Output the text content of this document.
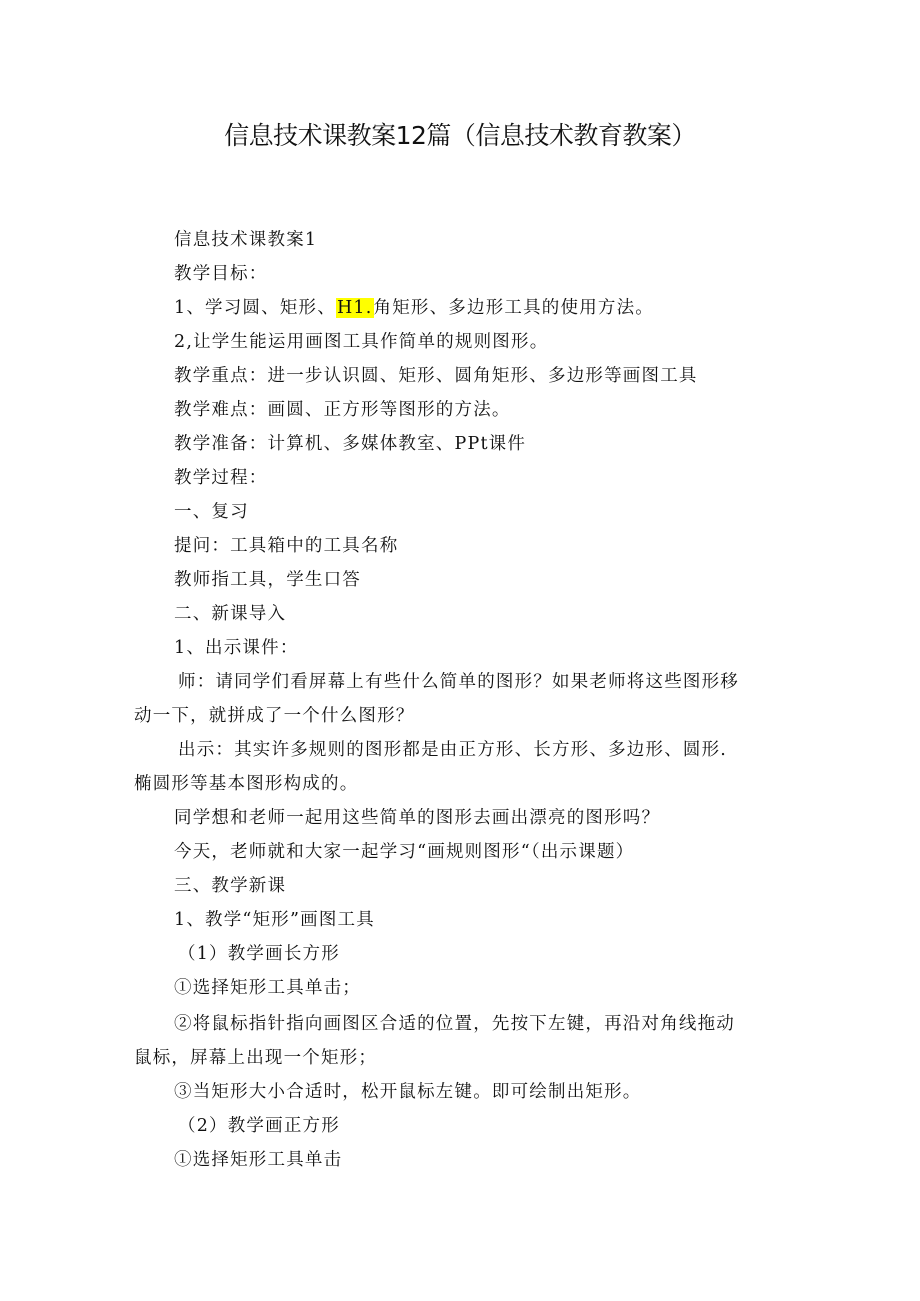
信息技术课教案12篇（信息技术教育教案）
信息技术课教案1
教学目标：
1、学习圆、矩形、H1.角矩形、多边形工具的使用方法。
2,让学生能运用画图工具作简单的规则图形。
教学重点：进一步认识圆、矩形、圆角矩形、多边形等画图工具
教学难点：画圆、正方形等图形的方法。
教学准备：计算机、多媒体教室、PPt课件
教学过程：
一、复习
提问：工具箱中的工具名称
教师指工具，学生口答
二、新课导入
1、出示课件：
师：请同学们看屏幕上有些什么简单的图形？如果老师将这些图形移
动一下，就拼成了一个什么图形？
出示：其实许多规则的图形都是由正方形、长方形、多边形、圆形.
椭圆形等基本图形构成的。
同学想和老师一起用这些简单的图形去画出漂亮的图形吗？
今天，老师就和大家一起学习“画规则图形“（出示课题）
三、教学新课
1、教学“矩形”画图工具
（1）教学画长方形
①选择矩形工具单击；
②将鼠标指针指向画图区合适的位置，先按下左键，再沿对角线拖动
鼠标，屏幕上出现一个矩形；
③当矩形大小合适时，松开鼠标左键。即可绘制出矩形。
（2）教学画正方形
①选择矩形工具单击
